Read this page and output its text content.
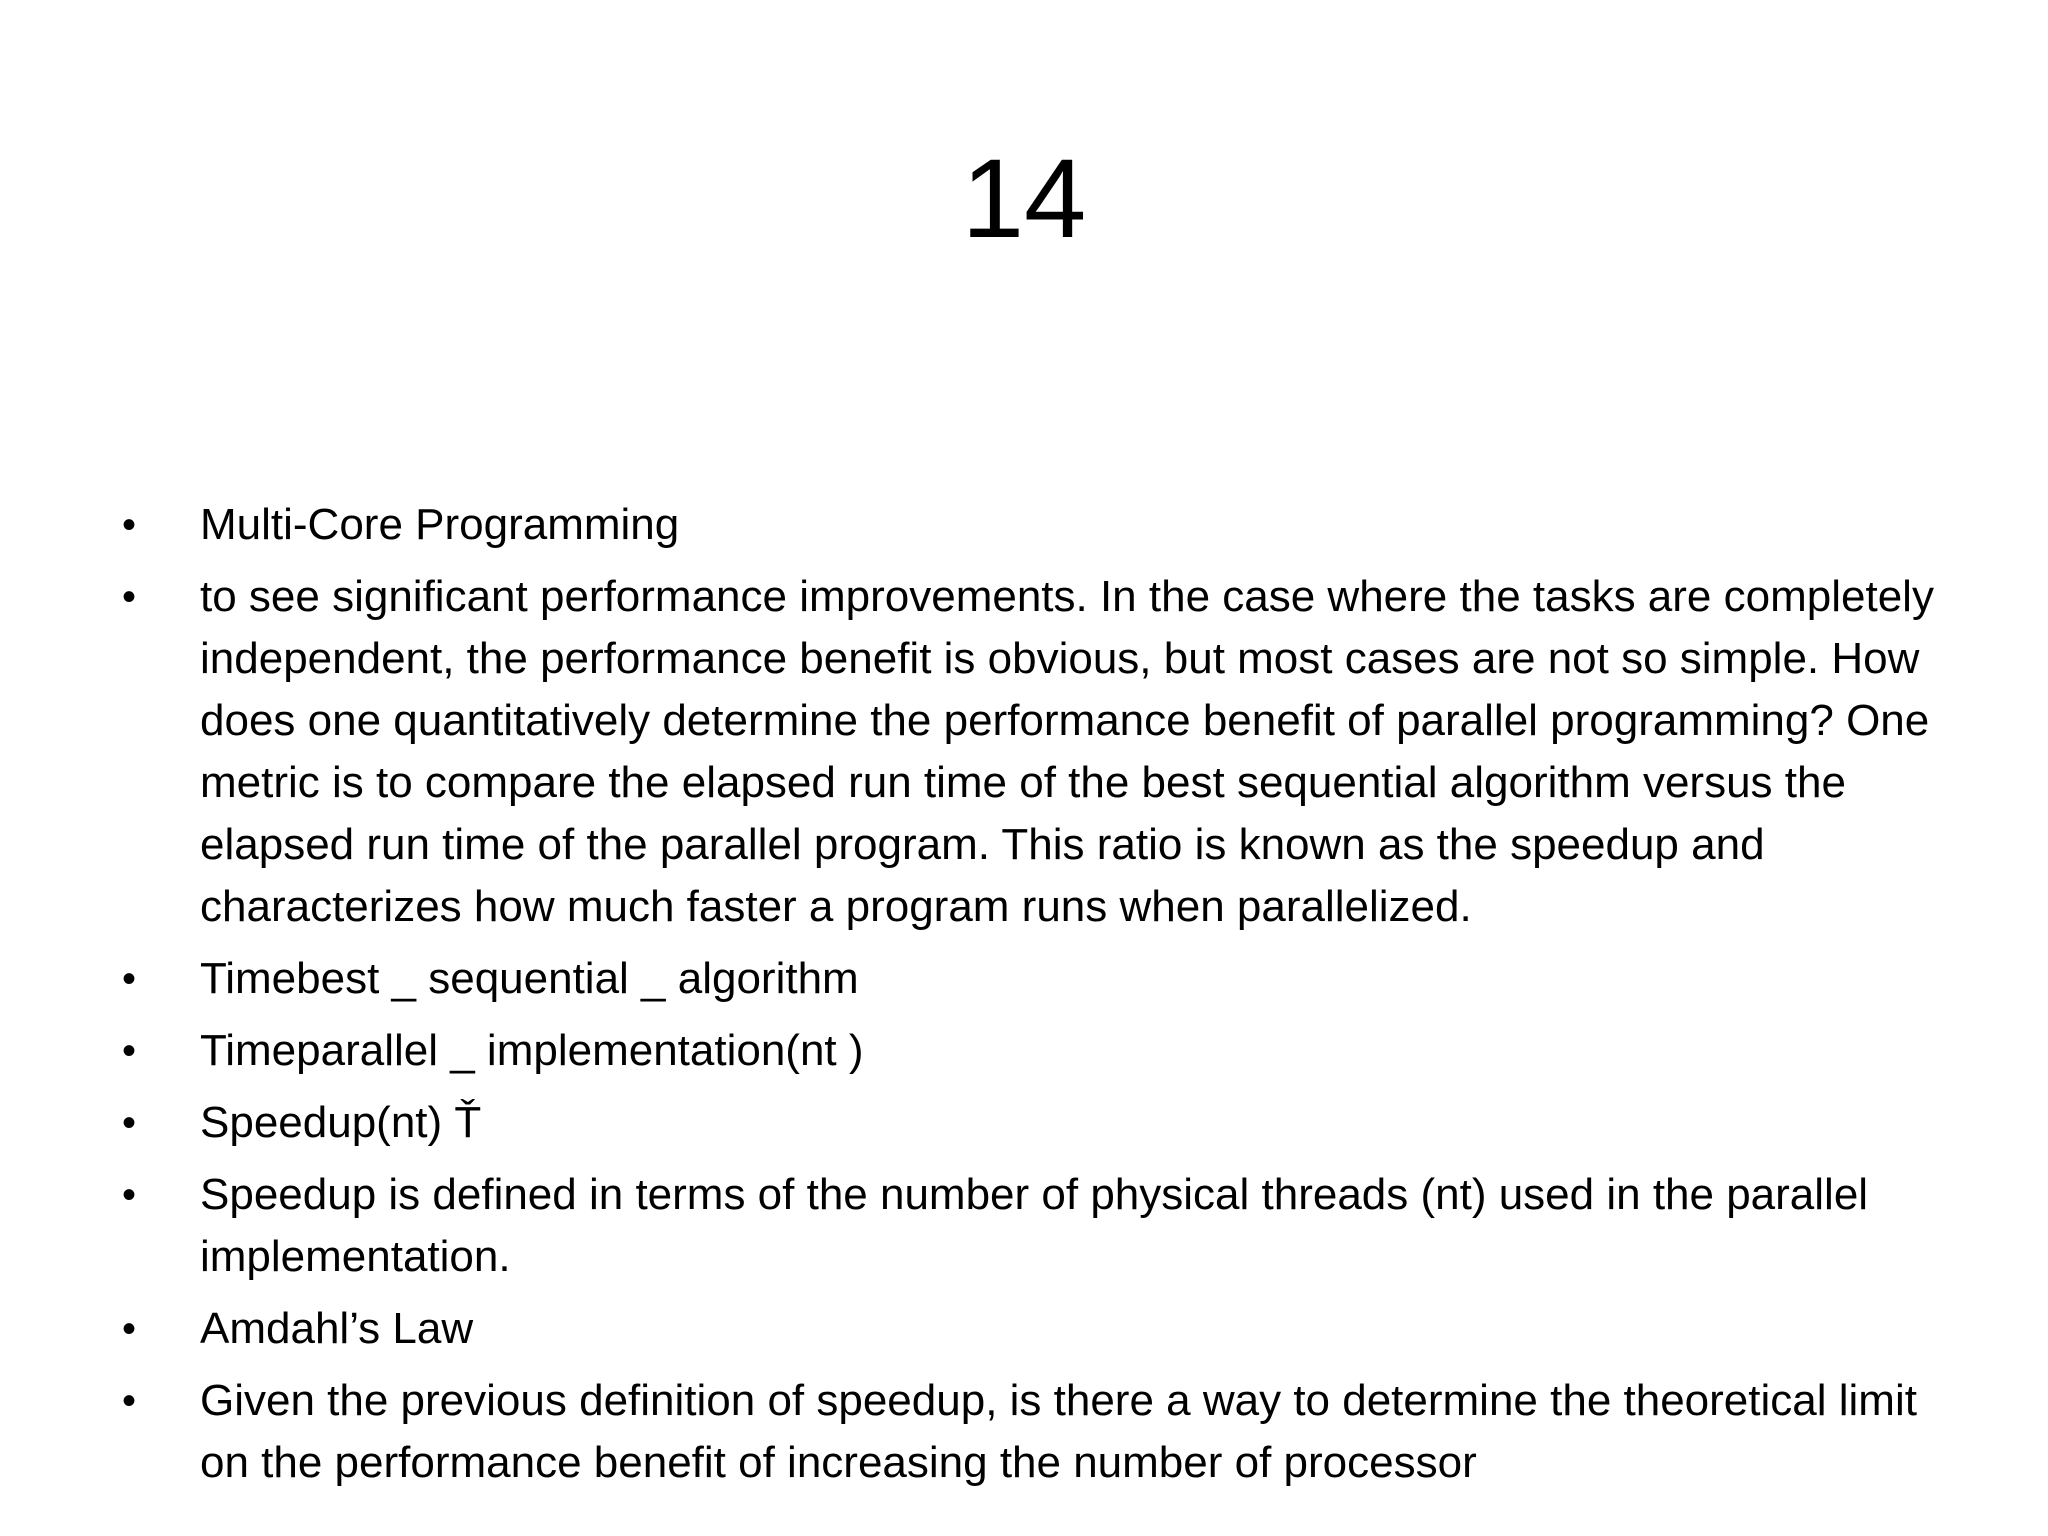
14
• Multi-Core Programming
• to see significant performance improvements. In the case where the tasks are completely independent, the performance benefit is obvious, but most cases are not so simple. How does one quantitatively determine the performance benefit of parallel programming? One metric is to compare the elapsed run time of the best sequential algorithm versus the elapsed run time of the parallel program. This ratio is known as the speedup and characterizes how much faster a program runs when parallelized.
• Timebest _ sequential _ algorithm
• Timeparallel _ implementation(nt )
• Speedup(nt) Ť
• Speedup is defined in terms of the number of physical threads (nt) used in the parallel implementation.
• Amdahl’s Law
• Given the previous definition of speedup, is there a way to determine the theoretical limit on the performance benefit of increasing the number of processor
